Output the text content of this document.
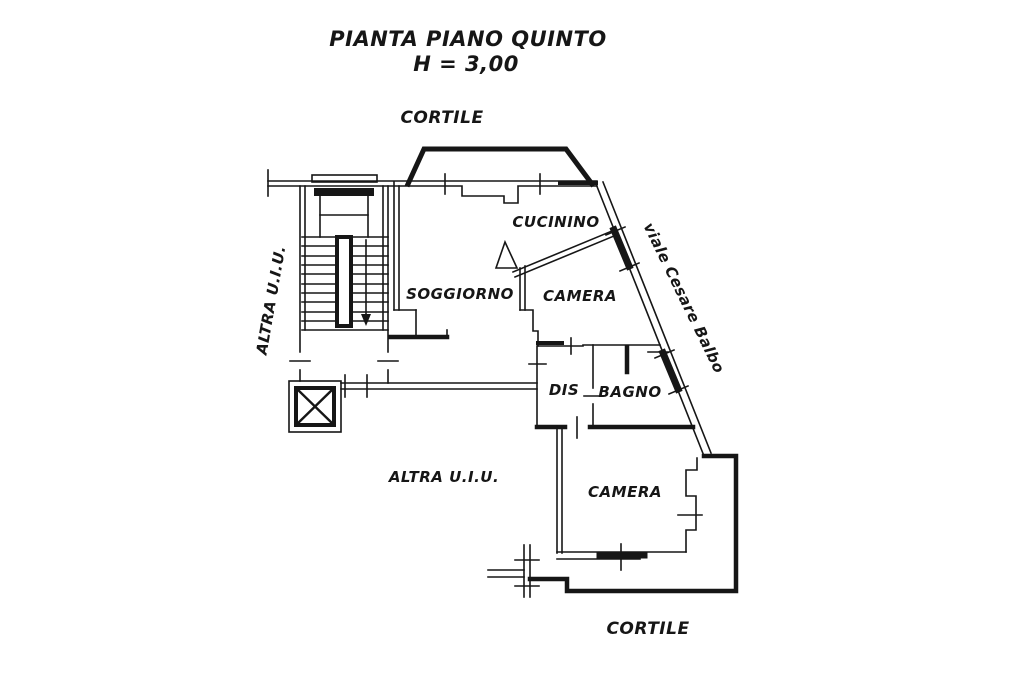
PIANTA PIANO QUINTO
H = 3,00
CORTILE
CORTILE
CUCININO
SOGGIORNO CAMERA
DIS BAGNO
CAMERA
ALTRA U.I.U.
ALTRA U.I.U.	viale Cesare Balbo
